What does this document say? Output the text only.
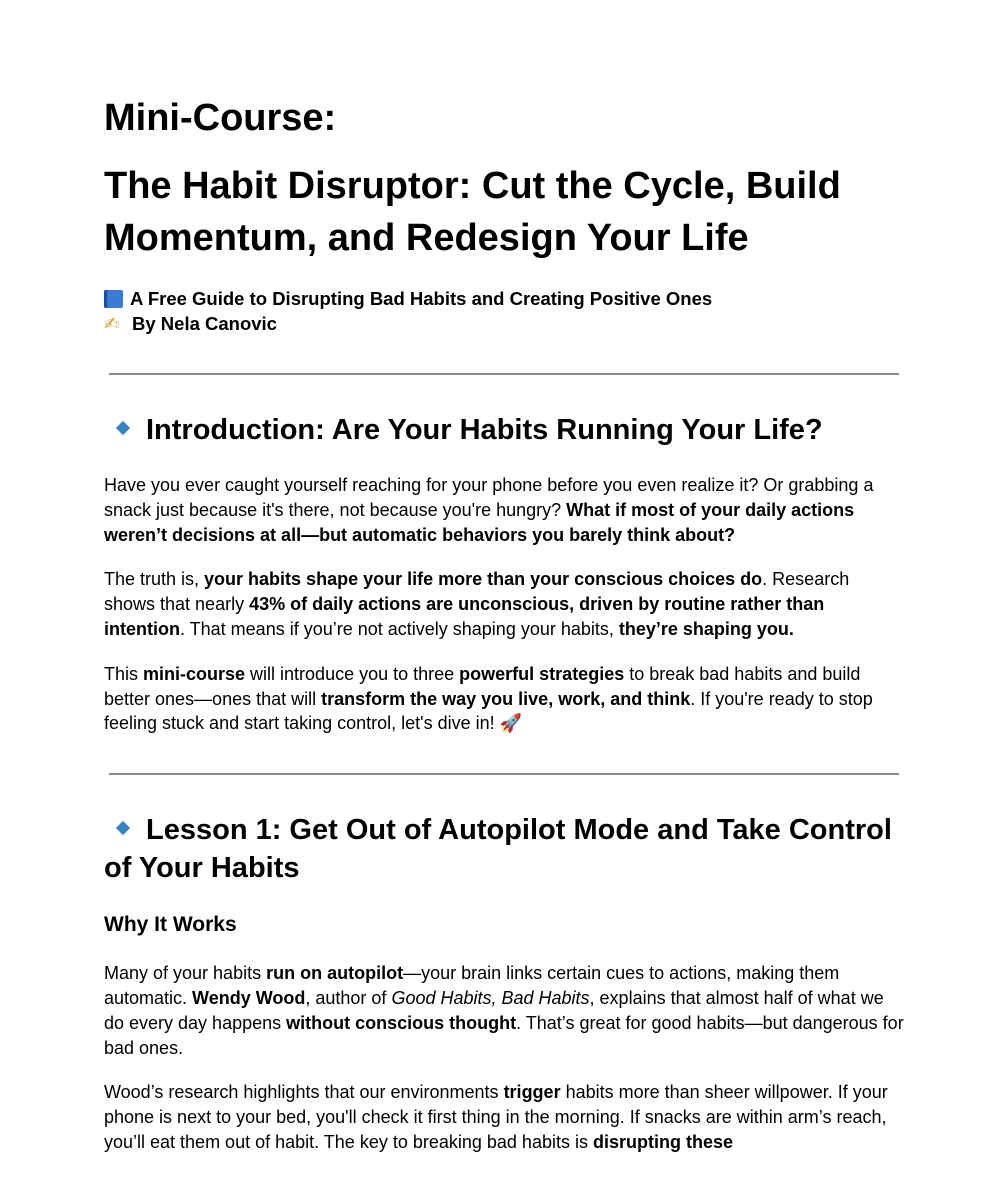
Mini-Course:
The Habit Disruptor: Cut the Cycle, Build Momentum, and Redesign Your Life
A Free Guide to Disrupting Bad Habits and Creating Positive Ones
✍ By Nela Canovic
Introduction: Are Your Habits Running Your Life?

Have you ever caught yourself reaching for your phone before you even realize it? Or grabbing a snack just because it's there, not because you're hungry? What if most of your daily actions weren’t decisions at all—but automatic behaviors you barely think about?

The truth is, your habits shape your life more than your conscious choices do. Research shows that nearly 43% of daily actions are unconscious, driven by routine rather than intention. That means if you’re not actively shaping your habits, they’re shaping you.

This mini-course will introduce you to three powerful strategies to break bad habits and build better ones—ones that will transform the way you live, work, and think. If you're ready to stop feeling stuck and start taking control, let's dive in! 🚀

Lesson 1: Get Out of Autopilot Mode and Take Control of Your Habits
Why It Works

Many of your habits run on autopilot—your brain links certain cues to actions, making them automatic. Wendy Wood, author of Good Habits, Bad Habits, explains that almost half of what we do every day happens without conscious thought. That’s great for good habits—but dangerous for bad ones.

Wood’s research highlights that our environments trigger habits more than sheer willpower. If your phone is next to your bed, you'll check it first thing in the morning. If snacks are within arm’s reach, you’ll eat them out of habit. The key to breaking bad habits is disrupting these
